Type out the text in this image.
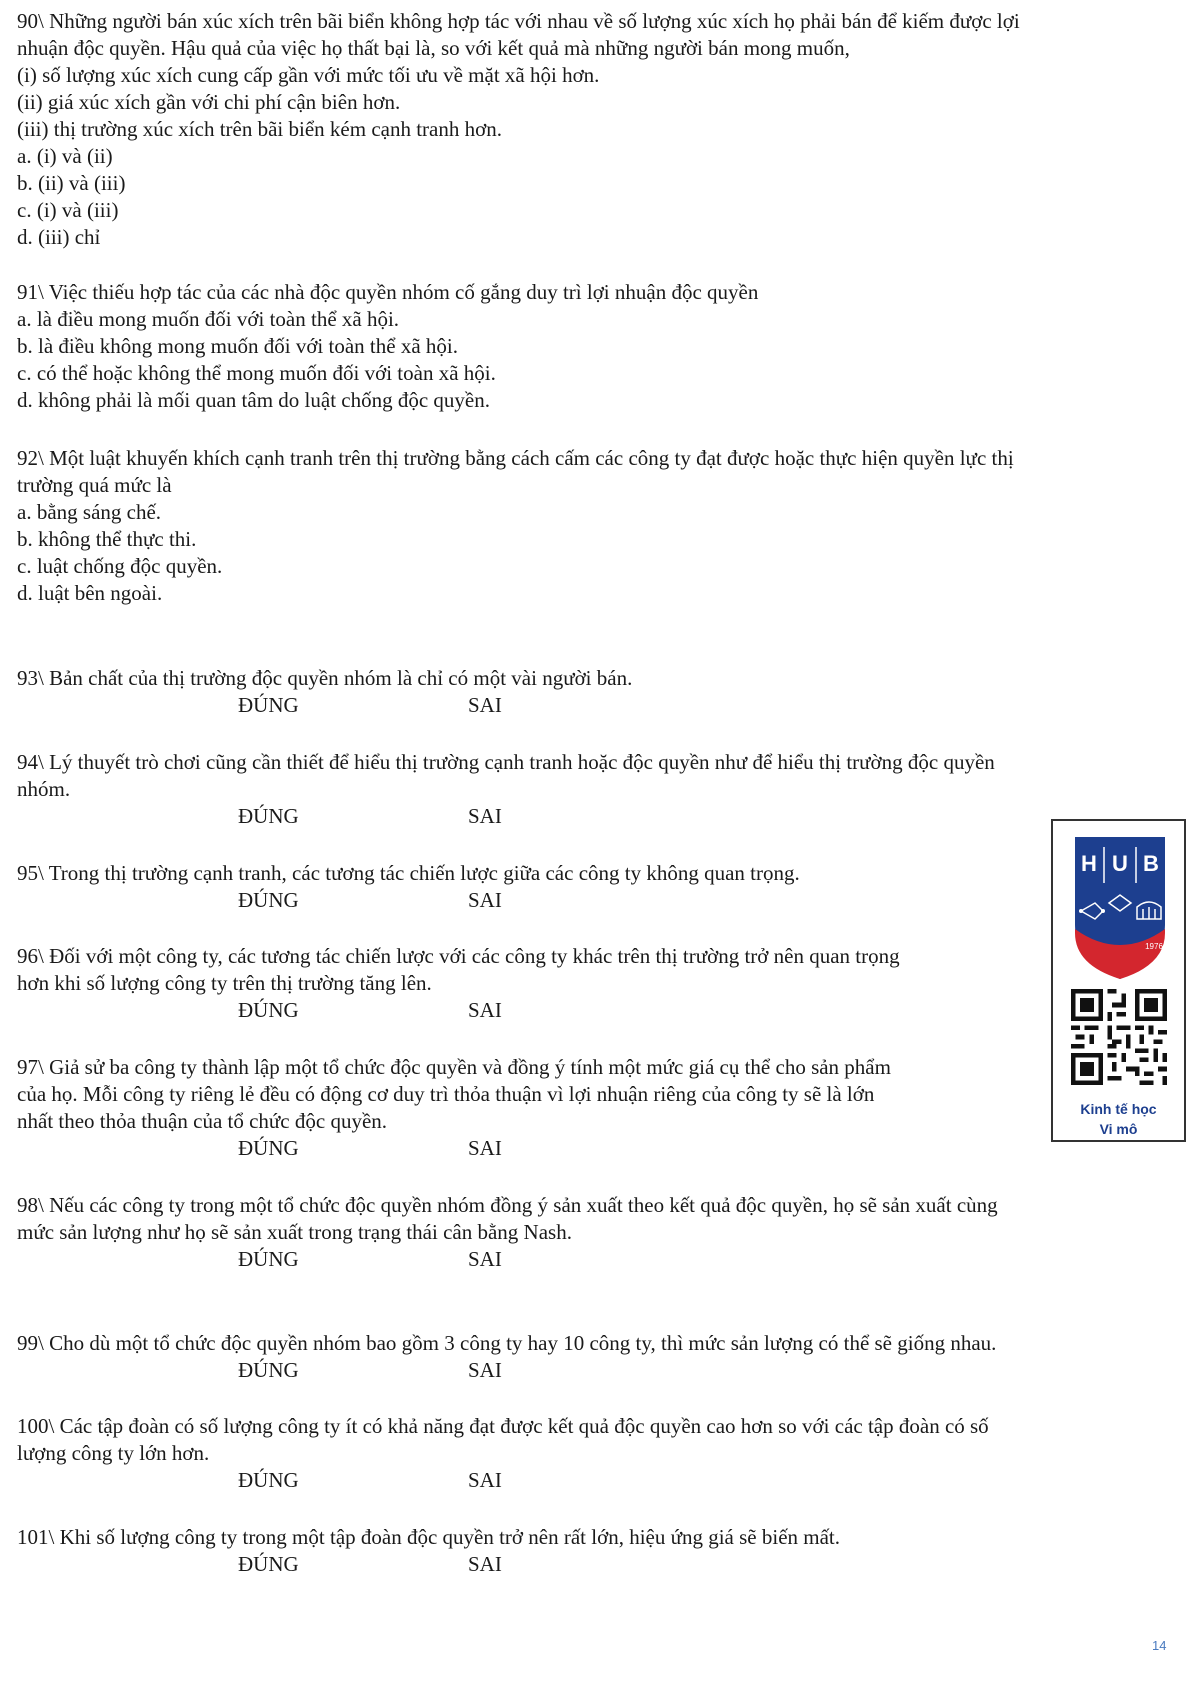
90\ Những người bán xúc xích trên bãi biển không hợp tác với nhau về số lượng xúc xích họ phải bán để kiếm được lợi
nhuận độc quyền. Hậu quả của việc họ thất bại là, so với kết quả mà những người bán mong muốn,
(i) số lượng xúc xích cung cấp gần với mức tối ưu về mặt xã hội hơn.
(ii) giá xúc xích gần với chi phí cận biên hơn.
(iii) thị trường xúc xích trên bãi biển kém cạnh tranh hơn.
a. (i) và (ii)
b. (ii) và (iii)
c. (i) và (iii)
d. (iii) chỉ
91\ Việc thiếu hợp tác của các nhà độc quyền nhóm cố gắng duy trì lợi nhuận độc quyền
a. là điều mong muốn đối với toàn thể xã hội.
b. là điều không mong muốn đối với toàn thể xã hội.
c. có thể hoặc không thể mong muốn đối với toàn xã hội.
d. không phải là mối quan tâm do luật chống độc quyền.
92\ Một luật khuyến khích cạnh tranh trên thị trường bằng cách cấm các công ty đạt được hoặc thực hiện quyền lực thị
trường quá mức là
a. bằng sáng chế.
b. không thể thực thi.
c. luật chống độc quyền.
d. luật bên ngoài.
93\ Bản chất của thị trường độc quyền nhóm là chỉ có một vài người bán.
ĐÚNG	SAI
94\ Lý thuyết trò chơi cũng cần thiết để hiểu thị trường cạnh tranh hoặc độc quyền như để hiểu thị trường độc quyền
nhóm.
ĐÚNG	SAI
95\ Trong thị trường cạnh tranh, các tương tác chiến lược giữa các công ty không quan trọng.
ĐÚNG	SAI
96\ Đối với một công ty, các tương tác chiến lược với các công ty khác trên thị trường trở nên quan trọng
hơn khi số lượng công ty trên thị trường tăng lên.
ĐÚNG	SAI
97\ Giả sử ba công ty thành lập một tổ chức độc quyền và đồng ý tính một mức giá cụ thể cho sản phẩm
của họ. Mỗi công ty riêng lẻ đều có động cơ duy trì thỏa thuận vì lợi nhuận riêng của công ty sẽ là lớn
nhất theo thỏa thuận của tổ chức độc quyền.
ĐÚNG	SAI
98\ Nếu các công ty trong một tổ chức độc quyền nhóm đồng ý sản xuất theo kết quả độc quyền, họ sẽ sản xuất cùng
mức sản lượng như họ sẽ sản xuất trong trạng thái cân bằng Nash.
ĐÚNG	SAI
99\ Cho dù một tổ chức độc quyền nhóm bao gồm 3 công ty hay 10 công ty, thì mức sản lượng có thể sẽ giống nhau.
ĐÚNG	SAI
100\ Các tập đoàn có số lượng công ty ít có khả năng đạt được kết quả độc quyền cao hơn so với các tập đoàn có số
lượng công ty lớn hơn.
ĐÚNG	SAI
101\ Khi số lượng công ty trong một tập đoàn độc quyền trở nên rất lớn, hiệu ứng giá sẽ biến mất.
ĐÚNG	SAI
H U B
1976
Kinh tế học
Vi mô
14
